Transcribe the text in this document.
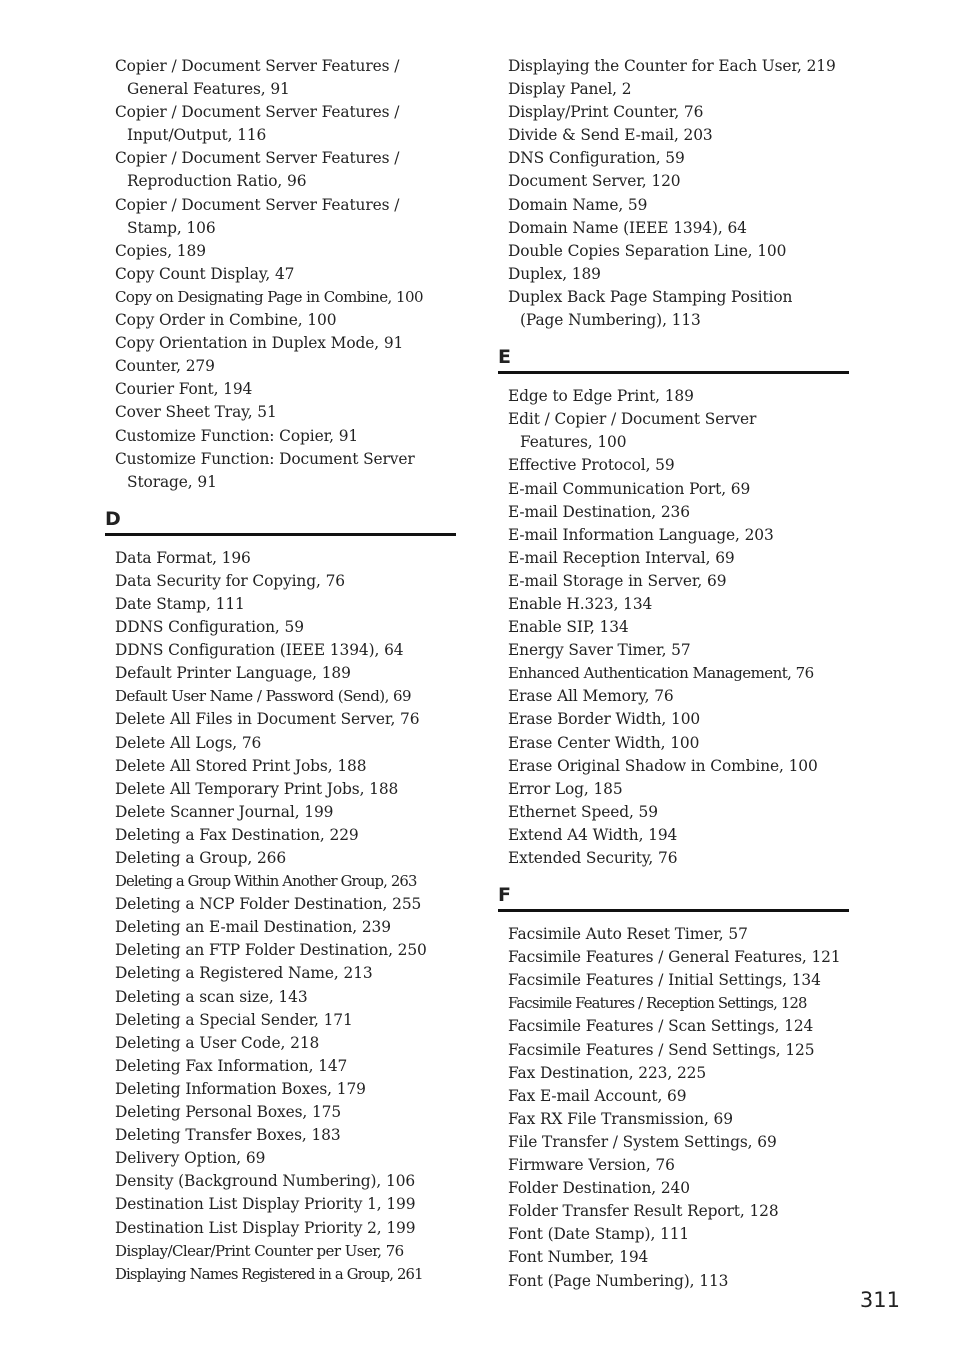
Copier / Document Server Features /
General Features, 91
Copier / Document Server Features /
Input/Output, 116
Copier / Document Server Features /
Reproduction Ratio, 96
Copier / Document Server Features /
Stamp, 106
Copies, 189
Copy Count Display, 47
Copy on Designating Page in Combine, 100
Copy Order in Combine, 100
Copy Orientation in Duplex Mode, 91
Counter, 279
Courier Font, 194
Cover Sheet Tray, 51
Customize Function: Copier, 91
Customize Function: Document Server
Storage, 91
D
Data Format, 196
Data Security for Copying, 76
Date Stamp, 111
DDNS Configuration, 59
DDNS Configuration (IEEE 1394), 64
Default Printer Language, 189
Default User Name / Password (Send), 69
Delete All Files in Document Server, 76
Delete All Logs, 76
Delete All Stored Print Jobs, 188
Delete All Temporary Print Jobs, 188
Delete Scanner Journal, 199
Deleting a Fax Destination, 229
Deleting a Group, 266
Deleting a Group Within Another Group, 263
Deleting a NCP Folder Destination, 255
Deleting an E-mail Destination, 239
Deleting an FTP Folder Destination, 250
Deleting a Registered Name, 213
Deleting a scan size, 143
Deleting a Special Sender, 171
Deleting a User Code, 218
Deleting Fax Information, 147
Deleting Information Boxes, 179
Deleting Personal Boxes, 175
Deleting Transfer Boxes, 183
Delivery Option, 69
Density (Background Numbering), 106
Destination List Display Priority 1, 199
Destination List Display Priority 2, 199
Display/Clear/Print Counter per User, 76
Displaying Names Registered in a Group, 261
Displaying the Counter for Each User, 219
Display Panel, 2
Display/Print Counter, 76
Divide & Send E-mail, 203
DNS Configuration, 59
Document Server, 120
Domain Name, 59
Domain Name (IEEE 1394), 64
Double Copies Separation Line, 100
Duplex, 189
Duplex Back Page Stamping Position
(Page Numbering), 113
E
Edge to Edge Print, 189
Edit / Copier / Document Server
Features, 100
Effective Protocol, 59
E-mail Communication Port, 69
E-mail Destination, 236
E-mail Information Language, 203
E-mail Reception Interval, 69
E-mail Storage in Server, 69
Enable H.323, 134
Enable SIP, 134
Energy Saver Timer, 57
Enhanced Authentication Management, 76
Erase All Memory, 76
Erase Border Width, 100
Erase Center Width, 100
Erase Original Shadow in Combine, 100
Error Log, 185
Ethernet Speed, 59
Extend A4 Width, 194
Extended Security, 76
F
Facsimile Auto Reset Timer, 57
Facsimile Features / General Features, 121
Facsimile Features / Initial Settings, 134
Facsimile Features / Reception Settings, 128
Facsimile Features / Scan Settings, 124
Facsimile Features / Send Settings, 125
Fax Destination, 223, 225
Fax E-mail Account, 69
Fax RX File Transmission, 69
File Transfer / System Settings, 69
Firmware Version, 76
Folder Destination, 240
Folder Transfer Result Report, 128
Font (Date Stamp), 111
Font Number, 194
Font (Page Numbering), 113
311
